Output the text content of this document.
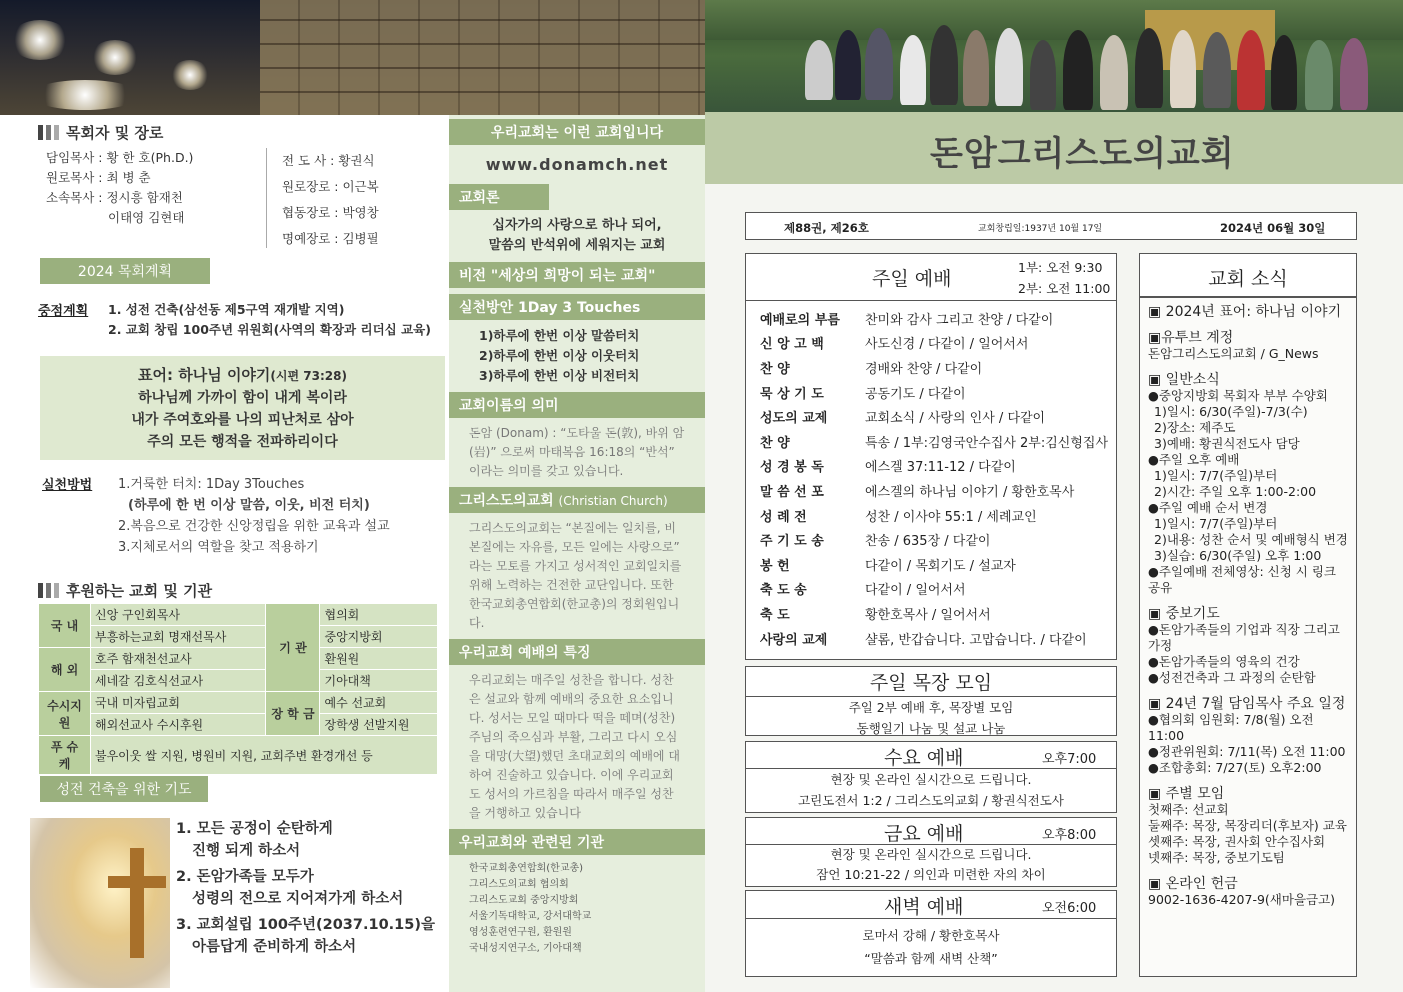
목회자 및 장로
담임목사 : 황 한 호(Ph.D.)
원로목사 : 최 병 춘
소속목사 : 정시흥 함재천
이태영 김현태
전 도 사 : 황권식
원로장로 : 이근복
협동장로 : 박영창
명예장로 : 김병필
2024 목회계획
중점계획 1. 성전 건축(삼선동 제5구역 재개발 지역)
2. 교회 창립 100주년 위원회(사역의 확장과 리더십 교육)
표어: 하나님 이야기(시편 73:28)
하나님께 가까이 함이 내게 복이라
내가 주여호와를 나의 피난처로 삼아
주의 모든 행적을 전파하리이다
실천방법 1.거룩한 터치: 1Day 3Touches
(하루에 한 번 이상 말씀, 이웃, 비전 터치)
2.복음으로 건강한 신앙정립을 위한 교육과 설교
3.지체로서의 역할을 찾고 적용하기
후원하는 교회 및 기관
국 내	신앙 구인회목사	기 관	협의회
	부흥하는교회 명재선목사		중앙지방회
해 외	호주 함재천선교사		환원원
	세네갈 김호식선교사		기아대책
수시지원	국내 미자립교회	장 학 금	예수 선교회
	해외선교사 수시후원		장학생 선발지원
푸 슈 케	불우이웃 쌀 지원, 병원비 지원, 교회주변 환경개선 등		
성전 건축을 위한 기도
1. 모든 공정이 순탄하게
진행 되게 하소서
2. 돈암가족들 모두가
성령의 전으로 지어져가게 하소서
3. 교회설립 100주년(2037.10.15)을
아름답게 준비하게 하소서
우리교회는 이런 교회입니다
www.donamch.net
교회론
십자가의 사랑으로 하나 되어,
말씀의 반석위에 세워지는 교회
비전 "세상의 희망이 되는 교회"
실천방안 1Day 3 Touches
1)하루에 한번 이상 말씀터치
2)하루에 한번 이상 이웃터치
3)하루에 한번 이상 비전터치
교회이름의 의미
돈암 (Donam) : “도타울 돈(敦), 바위 암(岩)” 으로써 마태복음 16:18의 “반석” 이라는 의미를 갖고 있습니다.
그리스도의교회 (Christian Church)
그리스도의교회는 “본질에는 일치를, 비 본질에는 자유를, 모든 일에는 사랑으로” 라는 모토를 가지고 성서적인 교회일치를 위해 노력하는 건전한 교단입니다. 또한 한국교회총연합회(한교총)의 정회원입니다.
우리교회 예배의 특징
우리교회는 매주일 성찬을 합니다. 성찬은 설교와 함께 예배의 중요한 요소입니다. 성서는 모일 때마다 떡을 떼며(성찬) 주님의 죽으심과 부활, 그리고 다시 오심을 대망(大望)했던 초대교회의 예배에 대하여 진술하고 있습니다. 이에 우리교회도 성서의 가르침을 따라서 매주일 성찬을 거행하고 있습니다
우리교회와 관련된 기관
한국교회총연합회(한교총)
그리스도의교회 협의회
그리스도교회 중앙지방회
서울기독대학교, 강서대학교
영성훈련연구원, 환원원
국내성지연구소, 기아대책
돈암그리스도의교회
제88권, 제26호	교회창립일:1937년 10월 17일	2024년 06월 30일
주일 예배
1부: 오전 9:30
2부: 오전 11:00
예배로의 부름	찬미와 감사 그리고 찬양 / 다같이
신 앙 고 백	사도신경 / 다같이 / 일어서서
찬 양	경배와 찬양 / 다같이
묵 상 기 도	공동기도 / 다같이
성도의 교제	교회소식 / 사랑의 인사 / 다같이
찬 양	특송 / 1부:김영국안수집사 2부:김신형집사
성 경 봉 독	에스겔 37:11-12 / 다같이
말 씀 선 포	에스겔의 하나님 이야기 / 황한호목사
성 례 전	성찬 / 이사야 55:1 / 세례교인
주 기 도 송	찬송 / 635장 / 다같이
봉 헌	다같이 / 목회기도 / 설교자
축 도 송	다같이 / 일어서서
축 도	황한호목사 / 일어서서
사랑의 교제	샬롬, 반갑습니다. 고맙습니다. / 다같이
주일 목장 모임
주일 2부 예배 후, 목장별 모임
동행일기 나눔 및 설교 나눔
수요 예배	오후7:00
현장 및 온라인 실시간으로 드립니다.
고린도전서 1:2 / 그리스도의교회 / 황권식전도사
금요 예배	오후8:00
현장 및 온라인 실시간으로 드립니다.
잠언 10:21-22 / 의인과 미련한 자의 차이
새벽 예배	오전6:00
로마서 강해 / 황한호목사
“말씀과 함께 새벽 산책”
교회 소식
▣ 2024년 표어: 하나님 이야기
▣유투브 계정
돈암그리스도의교회 / G_News
▣ 일반소식
●중앙지방회 목회자 부부 수양회
1)일시: 6/30(주일)-7/3(수)
2)장소: 제주도
3)예배: 황권식전도사 담당
●주일 오후 예배
1)일시: 7/7(주일)부터
2)시간: 주일 오후 1:00-2:00
●주일 예배 순서 변경
1)일시: 7/7(주일)부터
2)내용: 성찬 순서 및 예배형식 변경
3)실습: 6/30(주일) 오후 1:00
●주일예배 전체영상: 신청 시 링크 공유
▣ 중보기도
●돈암가족들의 기업과 직장 그리고 가정
●돈암가족들의 영육의 건강
●성전건축과 그 과정의 순탄함
▣ 24년 7월 담임목사 주요 일정
●협의회 임원회: 7/8(월) 오전 11:00
●정관위원회: 7/11(목) 오전 11:00
●조합총회: 7/27(토) 오후2:00
▣ 주별 모임
첫째주: 선교회
둘째주: 목장, 목장리더(후보자) 교육
셋째주: 목장, 권사회 안수집사회
넷째주: 목장, 중보기도팀
▣ 온라인 헌금
9002-1636-4207-9(새마을금고)
